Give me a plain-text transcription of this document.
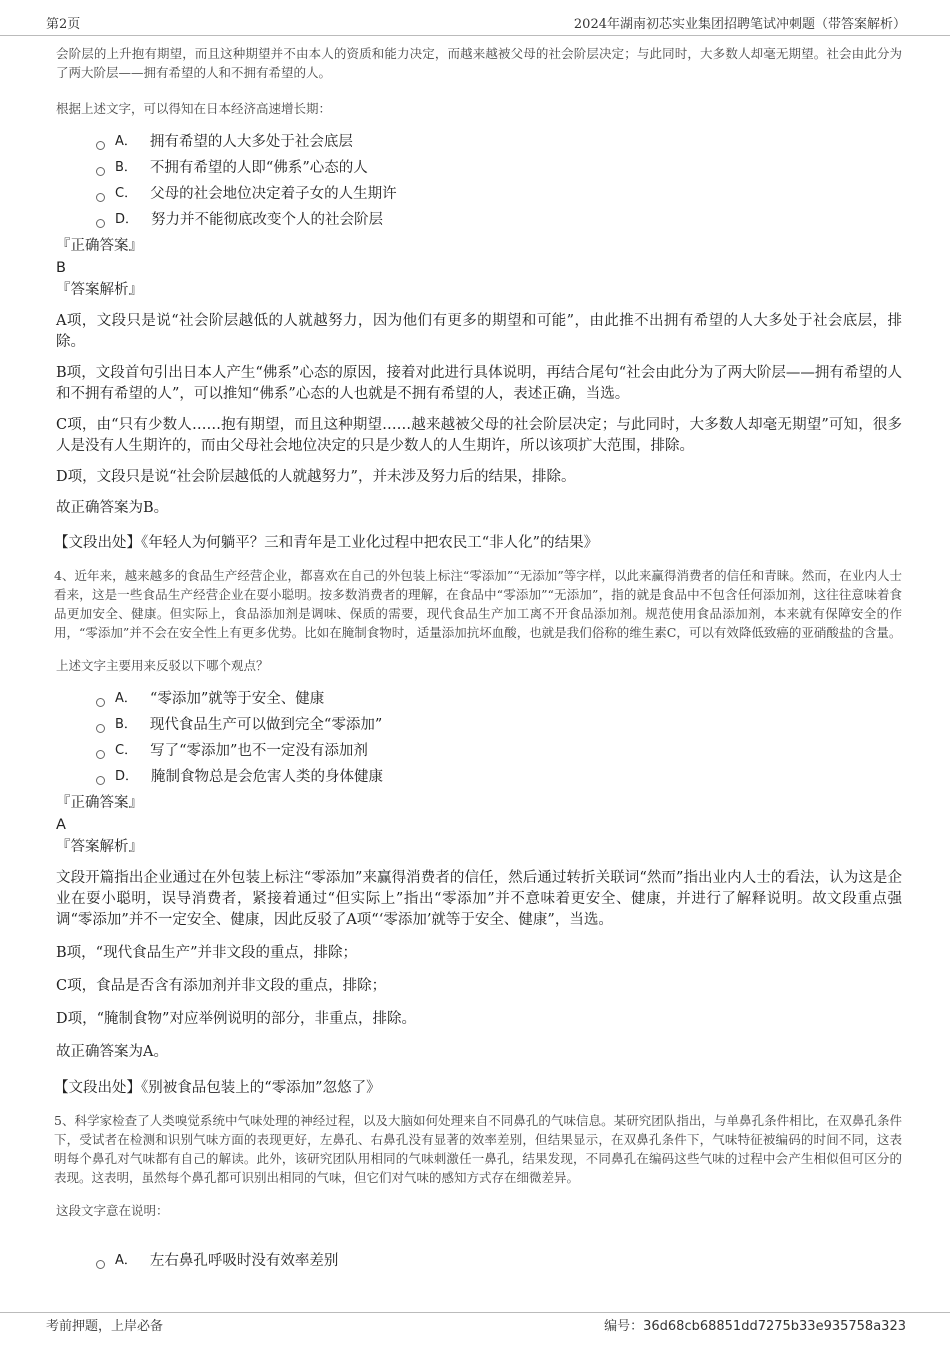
第2页	2024年湖南初芯实业集团招聘笔试冲刺题（带答案解析）

会阶层的上升抱有期望，而且这种期望并不由本人的资质和能力决定，而越来越被父母的社会阶层决定；与此同时，大多数人却毫无期望。社会由此分为了两大阶层——拥有希望的人和不拥有希望的人。

根据上述文字，可以得知在日本经济高速增长期：

A． 拥有希望的人大多处于社会底层
B． 不拥有希望的人即“佛系”心态的人
C． 父母的社会地位决定着子女的人生期许
D． 努力并不能彻底改变个人的社会阶层

『正确答案』

B

『答案解析』

A项，文段只是说“社会阶层越低的人就越努力，因为他们有更多的期望和可能”，由此推不出拥有希望的人大多处于社会底层，排除。

B项，文段首句引出日本人产生“佛系”心态的原因，接着对此进行具体说明，再结合尾句“社会由此分为了两大阶层——拥有希望的人和不拥有希望的人”，可以推知“佛系”心态的人也就是不拥有希望的人，表述正确，当选。

C项，由“只有少数人……抱有期望，而且这种期望……越来越被父母的社会阶层决定；与此同时，大多数人却毫无期望”可知，很多人是没有人生期许的，而由父母社会地位决定的只是少数人的人生期许，所以该项扩大范围，排除。

D项，文段只是说“社会阶层越低的人就越努力”，并未涉及努力后的结果，排除。

故正确答案为B。

【文段出处】《年轻人为何躺平？三和青年是工业化过程中把农民工“非人化”的结果》

4、近年来，越来越多的食品生产经营企业，都喜欢在自己的外包装上标注“零添加”“无添加”等字样，以此来赢得消费者的信任和青睐。然而，在业内人士看来，这是一些食品生产经营企业在耍小聪明。按多数消费者的理解，在食品中“零添加”“无添加”，指的就是食品中不包含任何添加剂，这往往意味着食品更加安全、健康。但实际上，食品添加剂是调味、保质的需要，现代食品生产加工离不开食品添加剂。规范使用食品添加剂，本来就有保障安全的作用，“零添加”并不会在安全性上有更多优势。比如在腌制食物时，适量添加抗坏血酸，也就是我们俗称的维生素C，可以有效降低致癌的亚硝酸盐的含量。

上述文字主要用来反驳以下哪个观点？

A． “零添加”就等于安全、健康
B． 现代食品生产可以做到完全“零添加”
C． 写了“零添加”也不一定没有添加剂
D． 腌制食物总是会危害人类的身体健康

『正确答案』

A

『答案解析』

文段开篇指出企业通过在外包装上标注“零添加”来赢得消费者的信任，然后通过转折关联词“然而”指出业内人士的看法，认为这是企业在耍小聪明，误导消费者，紧接着通过“但实际上”指出“零添加”并不意味着更安全、健康，并进行了解释说明。故文段重点强调“零添加”并不一定安全、健康，因此反驳了A项“‘零添加’就等于安全、健康”，当选。

B项，“现代食品生产”并非文段的重点，排除；

C项，食品是否含有添加剂并非文段的重点，排除；

D项，“腌制食物”对应举例说明的部分，非重点，排除。

故正确答案为A。

【文段出处】《别被食品包装上的“零添加”忽悠了》

5、科学家检查了人类嗅觉系统中气味处理的神经过程，以及大脑如何处理来自不同鼻孔的气味信息。某研究团队指出，与单鼻孔条件相比，在双鼻孔条件下，受试者在检测和识别气味方面的表现更好，左鼻孔、右鼻孔没有显著的效率差别，但结果显示，在双鼻孔条件下，气味特征被编码的时间不同，这表明每个鼻孔对气味都有自己的解读。此外，该研究团队用相同的气味刺激任一鼻孔，结果发现，不同鼻孔在编码这些气味的过程中会产生相似但可区分的表现。这表明，虽然每个鼻孔都可识别出相同的气味，但它们对气味的感知方式存在细微差异。

这段文字意在说明：

A． 左右鼻孔呼吸时没有效率差别
考前押题，上岸必备	编号：36d68cb68851dd7275b33e935758a323
